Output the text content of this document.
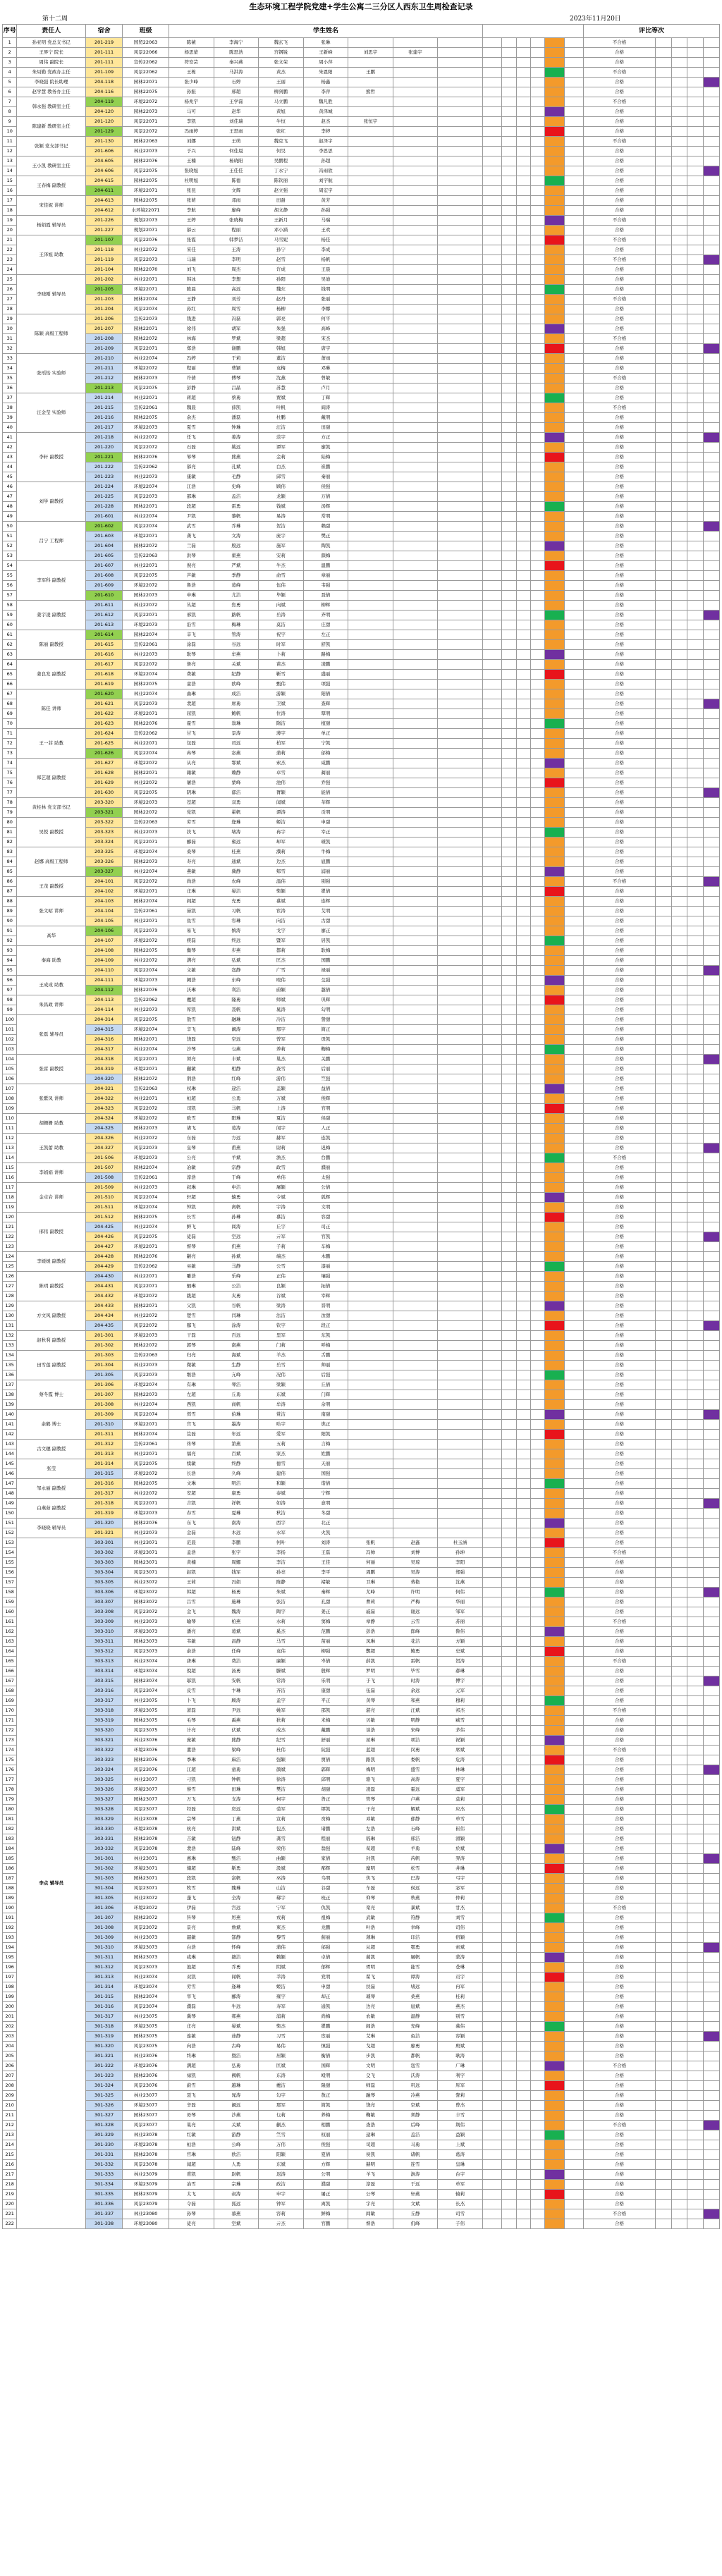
生态环境工程学院党建+学生公寓二三分区人西东卫生周检查记录
第十二周	2023年11月20日
序号	责任人	宿舍	班级	学生姓名													评比等次				
1	孙亚明 党总支书记	201-219	国贸22063	陈薇	李海宁	魏玄飞	张琳										不合格				
2	王界宁 院长	201-111	风景22066	杨思蒙	陈思浩	宫钢锐	王新峰	刘思宇	张建宇								合格				
3	周伟 副院长	201-111	宣传22062	符安芸	秦兴燕	张文荣	周小萍										合格				
4	朱局勤 党政办主任	201-109	风景22062	王栋	马洪涛	黄杰	朱恩阳	王鹏									不合格				
5	李晓强 院长助理	204-118	园林22071	张少峰	石婷	王丽	杨鑫										合格				
6	赵学慧 教务办主任	204-116	园林22075	孙振	邢超	柳剑鹏	李萍	熊哲									合格				
7	韩永强 教研室主任	204-119	环境22072	杨兆宇	王学磊	马立鹏	魏凡胜										不合格				
8		204-120	园林22073	马可	赵华	黄旭	黄泽城										合格				
9	陈建新 教研室主任	201-120	风景22071	李凯	刘佳瑞	牛恒	赵杰	张恒宇									合格				
10		201-129	风景22072	冯雨婷	王思雨	张红	李婷										合格				
11	张颖 党支部书记	201-130	园林22063	刘娜	王萌	魏克飞	赵泽宇										不合格				
12		201-606	林业22073	于兴	何佳晨	何昊	李思思										合格				
13	王小凯 教研室主任	204-605	园林22076	王楠	杨晓阳	吴鹏程	孙超										合格				
14		204-606	风景22075	张晓旭	王佳佳	丁永宁	冯雨欣										合格				
15	王春梅 副教授	204-615	园林22075	杜明旭	陈德	陈钦丽	刘宇航										合格				
16		204-611	环境22071	张昆	文辉	赵立强	周宏宇										合格				
17	宋佳妮 讲师	204-613	园林22075	张萌	邓雨	田甜	黄芳										合格				
18		204-612	水环境22071	李航	廖峰	胡文静	孙强										合格				
19	杨娟霞 辅导员	201-226	规划22073	王婷	张晓梅	王新月	马瑞										不合格				
20		201-227	规划22071	郝云	程丽	邓小涵	王欢										合格				
21	王泽旭 助教	201-107	风景22076	张霞	韩梦洁	马雪妮	杨佳										不合格				
22		201-118	林业22072	宋佳	王涛	孙宁	李成										合格				
23		201-119	风景22073	马瑞	李明	赵雪	杨帆										不合格				
24		201-104	园林22070	刘飞	周杰	许成	王晨										合格				
25	李晓刚 辅导员	201-202	林业22071	韩冰	李想	孙阳	吴迪										合格				
26		201-205	环境22071	陈晨	高远	魏东	钱明										合格				
27		201-203	园林22074	王静	刘芳	赵丹	张丽										不合格				
28		201-204	风景22074	孙红	周雪	杨柳	李娜										合格				
29	陈颖 高级工程师	201-206	宣传22073	钱进	冯磊	郭亮	何平										合格				
30		201-207	园林22071	徐伟	胡军	朱强	高峰										合格				
31		201-208	园林22072	林海	罗斌	梁超	宋杰										不合格				
32		201-209	风景22071	郑浩	谢鹏	韩旭	唐宇										合格				
33	张瑶怡 实验师	201-210	林业22074	冯婷	于莉	董洁	萧雨										合格				
34		201-211	环境22072	程丽	曹颖	袁梅	邓琳										合格				
35		201-212	园林22073	许倩	傅琴	沈燕	曾敏										不合格				
36		201-213	风景22075	彭静	吕晶	苏慧	卢月										合格				
37	汪金莹 实验师	201-214	林业22071	蒋超	蔡勇	贾斌	丁辉										合格				
38		201-215	宣传22061	魏晨	薛凯	叶帆	阎涛										不合格				
39		201-216	园林22075	余杰	潘磊	杜鹏	戴明										合格				
40		201-217	环境22073	夏雪	钟琳	汪洁	田甜										合格				
41	李轩 副教授	201-218	林业22072	任飞	姜涛	范宇	方正										合格				
42		201-220	风景22072	石磊	姚远	谭军	廖凯										合格				
43		201-221	园林22076	邹琴	熊燕	金莉	陆梅										合格				
44		201-222	宣传22062	郝亮	孔斌	白杰	崔鹏										合格				
45		201-223	林业22073	康敏	毛静	邱雪	秦丽										合格				
46	刘学 副教授	201-224	环境22074	江浩	史峰	顾伟	侯强										合格				
47		201-225	风景22073	邵琳	孟洁	龙颖	万倩										合格				
48		201-228	园林22071	段超	雷勇	钱斌	汤辉										合格				
49		201-601	林业22074	尹凯	黎帆	易涛	常明										合格				
50	吕宁 工程师	201-602	风景22074	武雪	乔琳	贺洁	赖甜										合格				
51		201-603	环境22071	龚飞	文涛	庞宇	樊正										合格				
52		201-604	园林22072	兰磊	殷远	施军	陶凯										合格				
53		201-605	宣传22063	洪琴	翟燕	安莉	颜梅										合格				
54	李军科 副教授	201-607	林业22071	倪亮	严斌	牛杰	温鹏										合格				
55		201-608	风景22075	芦敏	季静	俞雪	章丽										合格				
56		201-609	环境22072	鲁浩	葛峰	伍伟	韦强										合格				
57		201-610	园林22073	申琳	尤洁	毕颖	聂倩										合格				
58	姜宇凌 副教授	201-611	林业22072	丛超	焦勇	向斌	柳辉										合格				
59		201-612	风景22071	邢凯	路帆	岳涛	齐明										合格				
60		201-613	环境22073	沿雪	梅琳	莫洁	庄甜										合格				
61	陈丽 副教授	201-614	园林22074	辛飞	管涛	祝宇	左正										合格				
62		201-615	宣传22061	涂磊	谷远	时军	舒凯										合格				
63		201-616	林业22073	耿琴	牟燕	卜莉	路梅										合格				
64	姜良发 副教授	201-617	风景22072	詹亮	关斌	苗杰	凌鹏										合格				
65		201-618	环境22074	费敏	纪静	靳雪	盛丽										合格				
66		201-619	园林22075	童浩	欧峰	甄伟	项强										合格				
67	陈佳 讲师	201-620	林业22074	曲琳	成洁	游颖	阳倩										合格				
68		201-621	风景22073	裴超	席勇	卫斌	查辉										合格				
69		201-622	环境22071	屈凯	鲍帆	位涛	覃明										合格				
70		201-623	园林22076	霍雪	翁琳	隋洁	植甜										合格				
71	王一菲 助教	201-624	宣传22062	甘飞	景涛	薄宇	单正										合格				
72		201-625	林业22071	包磊	司远	柏军	宁凯										合格				
73		201-626	风景22074	冉琴	宓燕	蒲莉	邰梅										合格				
74	郑艺超 副教授	201-627	环境22072	从亮	鄂斌	索杰	咸鹏										合格				
75		201-628	园林22071	籍敏	赖静	卓雪	蔺丽										合格				
76		201-629	林业22072	屠浩	蒙峰	池伟	乔强										合格				
77		201-630	风景22075	阴琳	郁洁	胥颖	能倩										合格				
78	黄桂林 党支部书记	203-320	环境22073	苍超	双勇	闻斌	莘辉										合格				
79		203-321	园林22072	党凯	翟帆	谭涛	贡明										合格				
80	吴悦 副教授	203-322	宣传22063	劳雪	逄琳	姬洁	申甜										合格				
81		203-323	林业22073	扶飞	堵涛	冉宇	宰正										合格				
82		203-324	风景22071	郦磊	雍远	却军	璩凯										合格				
83	赵娜 高级工程师	203-325	环境22074	桑琴	桂燕	濮莉	牛梅										合格				
84		203-326	园林22073	寿亮	通斌	边杰	扈鹏										合格				
85		203-327	林业22074	燕敏	冀静	郏雪	浦丽										合格				
86	王茂 副教授	204-101	风景22072	尚浩	农峰	温伟	别强										不合格				
87		204-102	环境22071	庄琳	晏洁	柴颖	瞿倩										合格				
88	张文昭 讲师	204-103	园林22074	阎超	充勇	慕斌	连辉										合格				
89		204-104	宣传22061	茹凯	习帆	宦涛	艾明										合格				
90		204-105	林业22071	鱼雪	容琳	向洁	古甜										合格				
91	高华	204-106	风景22073	易飞	慎涛	戈宇	廖正										合格				
92		204-107	环境22072	庾磊	终远	暨军	居凯										合格				
93	秦海 助教	204-108	园林22075	衡琴	步燕	都莉	耿梅										合格				
94		204-109	林业22072	满亮	弘斌	匡杰	国鹏										合格				
95		204-110	风景22074	文敏	寇静	广雪	禄丽										合格				
96	王成成 助教	204-111	环境22073	阙浩	东峰	殴伟	殳强										合格				
97		204-112	园林22076	沃琳	利洁	蔚颖	越倩										合格				
98	朱昌政 讲师	204-113	宣传22062	夔超	隆勇	师斌	巩辉										合格				
99		204-114	林业22073	厍凯	聂帆	晁涛	勾明										合格				
100	张磊 辅导员	204-314	风景22075	敖雪	融琳	冷洁	訾甜										合格				
101		204-315	环境22074	辛飞	阚涛	那宇	简正										合格				
102		204-316	园林22071	饶磊	空远	曾军	毋凯										合格				
103		204-317	林业22074	沙琴	乜燕	养莉	鞠梅										合格				
104	张雷 副教授	204-318	风景22071	须亮	丰斌	巢杰	关鹏										合格				
105		204-319	环境22071	蒯敏	相静	查雪	后丽										合格				
106		204-320	园林22072	荆浩	红峰	游伟	竺强										合格				
107	张紫凤 讲师	204-321	宣传22063	权琳	逯洁	盖颖	益倩										合格				
108		204-322	林业22071	桓超	公勇	万斌	俟辉										合格				
109		204-323	风景22072	司凯	马帆	上涛	官明										合格				
110	胡姗姗 助教	204-324	环境22072	欧雪	阳琳	夏洁	侯甜										合格				
111		204-325	园林22073	诸飞	葛涛	闻宇	人正										合格				
112	王凯蕾 助教	204-326	林业22072	东磊	方远	赫军	连凯										合格				
113		204-327	风景22073	皇琴	甫燕	尉莉	迟梅										合格				
114		201-506	环境22073	公亮	羊斌	澹杰	台鹏										不合格				
115	李娟娟 讲师	201-507	园林22074	冶敏	宗静	政雪	濮丽										合格				
116		201-508	宣传22061	淳浩	于峰	单伟	太强										合格				
117	金卓岩 讲师	201-509	林业22073	叔琳	申洁	屠颖	公倩										合格				
118		201-510	风景22074	轩超	辕勇	令斌	狐辉										合格				
119		201-511	环境22074	钟凯	离帆	宇涛	文明										合格				
120	邢伟 副教授	201-512	园林22075	长雪	孙琳	慕洁	容甜										合格				
121		204-425	林业22074	鲜飞	闾涛	丘宇	司正										合格				
122		204-426	风景22075	徒磊	空远	亓军	官凯										合格				
123		204-427	环境22071	督琴	仉燕	子莉	车梅										合格				
124	李媛媛 副教授	204-428	园林22076	颛亮	孙斌	端杰	木鹏										合格				
125		204-429	宣传22062	巫敏	马静	公雪	漆丽										合格				
126	陈玥 副教授	204-430	林业22071	雕浩	乐峰	正伟	壤强										合格				
127		204-431	风景22071	驷琳	公洁	良颖	拓倩										合格				
128		204-432	环境22072	跋超	夹勇	谷斌	宰辉										合格				
129	方文风 副教授	204-433	园林22071	父凯	谷帆	梁涛	晋明										合格				
130		204-434	林业22072	楚雪	闫琳	法洁	汝甜										合格				
131		204-435	风景22072	鄢飞	涂涛	钦宇	段正										合格				
132	赵秋利 副教授	201-301	环境22073	干磊	百远	里军	东凯										合格				
133		201-302	园林22072	郭琴	南燕	门莉	呼梅										合格				
134	田雪莲 副教授	201-303	宣传22063	归亮	海斌	羊杰	舌鹏										合格				
135		201-304	林业22073	微敏	生静	岳雪	帅丽										合格				
136		201-305	风景22073	缑浩	亢峰	况伟	后强										合格				
137	蔡冬霞 博士	201-306	环境22074	有琳	琴洁	梁颖	丘倩										合格				
138		201-307	园林22073	左超	丘勇	东斌	门辉										合格				
139		201-308	林业22074	西凯	商帆	牟涛	佘明										合格				
140	余鹤 博士	201-309	风景22074	佴雪	伯琳	赏洁	南甜										合格				
141		201-310	环境22071	宫飞	墨涛	哈宇	谯正										合格				
142		201-311	园林22074	笪磊	年远	爱军	阳凯										合格				
143	古文穗 副教授	201-312	宣传22061	佟琴	第燕	五莉	言梅										合格				
144		201-313	林业22071	福亮	百斌	家杰	姓鹏										合格				
145	张莹	201-314	风景22075	续敏	终静	德雪	天丽										合格				
146		201-315	环境22072	长浩	久峰	建伟	国强										合格				
147	邹永丽 副教授	201-316	园林22075	文琳	明洁	和颖	谐倩										合格				
148		201-317	林业22072	安超	康勇	泰斌	宁辉										合格				
149	白燕茹 副教授	201-318	风景22071	吉凯	祥帆	如涛	意明										合格				
150		201-319	环境22073	春雪	夏琳	秋洁	冬甜										合格				
151	李晓晓 辅导员	201-320	园林22076	东飞	南涛	西宇	北正										合格				
152		201-321	林业22073	金磊	木远	水军	火凯										合格				
153	李点 辅导员	303-301	林业23071	范晨	李鹏	何叶	刘涛	张帆	赵鑫	杜玉涵							合格				
154		303-302	环境23071	孟浩	张宇	李扬	王磊	冯帅	刘博	孙坤							不合格				
155		303-303	园林23071	黄楠	周娜	李洁	王佳	何丽	吴琼	李阳							合格				
156		303-304	风景23071	赵凯	钱军	孙亮	李平	周鹏	吴涛	郑强							合格				
157		303-305	林业23072	王莉	冯娟	陈静	褚敏	卫琳	蒋艳	沈燕							合格				
158		303-306	环境23072	韩超	杨勇	朱斌	秦辉	尤峰	许明	何伟							合格				
159		303-307	园林23072	吕雪	施琳	张洁	孔甜	曹莉	严梅	华丽							合格				
160		303-308	风景23072	金飞	魏涛	陶宇	姜正	戚磊	谢远	邹军							合格				
161		303-309	林业23073	喻琴	柏燕	水莉	窦梅	章静	云雪	苏丽							不合格				
162		303-310	环境23073	潘亮	葛斌	奚杰	范鹏	彭浩	郎峰	鲁伟							合格				
163		303-311	园林23073	韦敏	昌静	马雪	苗丽	凤琳	花洁	方颖							合格				
164		303-312	风景23073	俞浩	任峰	袁伟	柳强	酆超	鲍勇	史斌							合格				
165		303-313	林业23074	唐琳	费洁	廉颖	岑倩	薛凯	雷帆	贺涛							不合格				
166		303-314	环境23074	倪超	汤勇	滕斌	殷辉	罗明	毕雪	郝琳							合格				
167		303-315	园林23074	邬凯	安帆	常涛	乐明	于飞	时涛	傅宇							合格				
168		303-316	风景23074	皮雪	卞琳	齐洁	康甜	伍磊	余远	元军							合格				
169		303-317	林业23075	卜飞	顾涛	孟宇	平正	黄琴	和燕	穆莉							合格				
170		303-318	环境23075	萧磊	尹远	姚军	邵凯	湛亮	汪斌	祁杰							不合格				
171		303-319	园林23075	毛琴	禹燕	狄莉	米梅	贝敏	明静	臧雪							合格				
172		303-320	风景23075	计亮	伏斌	成杰	戴鹏	谈浩	宋峰	茅伟							合格				
173		303-321	林业23076	庞敏	熊静	纪雪	舒丽	屈琳	项洁	祝颖							合格				
174		303-322	环境23076	董浩	梁峰	杜伟	阮强	蓝超	闵勇	席斌							不合格				
175		303-323	园林23076	季琳	麻洁	强颖	贾倩	路凯	娄帆	危涛							合格				
176		303-324	风景23076	江超	童勇	颜斌	郭辉	梅明	盛雪	林琳							合格				
177		303-325	林业23077	刁凯	钟帆	徐涛	邱明	骆飞	高涛	夏宇							合格				
178		303-326	环境23077	蔡雪	田琳	樊洁	胡甜	凌磊	霍远	虞军							合格				
179		303-327	园林23077	万飞	支涛	柯宇	昝正	管琴	卢燕	莫莉							合格				
180		303-328	风景23077	经磊	房远	裘军	缪凯	干亮	解斌	应杰							合格				
181		303-329	林业23078	宗琴	丁燕	宣莉	贲梅	邓敏	郁静	单雪							合格				
182		303-330	环境23078	杭亮	洪斌	包杰	诸鹏	左浩	石峰	崔伟							合格				
183		303-331	园林23078	吉敏	钮静	龚雪	程丽	嵇琳	邢洁	滑颖							合格				
184		303-332	风景23078	裴浩	陆峰	荣伟	翁强	荀超	羊勇	於斌							合格				
185		301-301	林业23071	惠琳	甄洁	曲颖	家倩	封凯	芮帆	羿涛							合格				
186		301-302	环境23071	储超	靳勇	汲斌	邴辉	糜明	松雪	井琳							合格				
187		301-303	园林23071	段凯	富帆	巫涛	乌明	焦飞	巴涛	弓宇							合格				
188		301-304	风景23071	牧雪	隗琳	山洁	谷甜	车磊	侯远	宓军							合格				
189		301-305	林业23072	蓬飞	全涛	郗宇	班正	仰琴	秋燕	仲莉							合格				
190		301-306	环境23072	伊磊	宫远	宁军	仇凯	栾亮	暴斌	甘杰							不合格				
191		301-307	园林23072	钭琴	厉燕	戎莉	祖梅	武敏	符静	刘雪							合格				
192		301-308	风景23072	景亮	詹斌	束杰	龙鹏	叶浩	幸峰	司伟							合格				
193		301-309	林业23073	韶敏	郜静	黎雪	蓟丽	薄琳	印洁	宿颖							合格				
194		301-310	环境23073	白浩	怀峰	蒲伟	邰强	从超	鄂勇	索斌							合格				
195		301-311	园林23073	咸琳	籍洁	赖颖	卓倩	蔺凯	屠帆	蒙涛							合格				
196		301-312	风景23073	池超	乔勇	阴斌	郁辉	胥明	能雪	苍琳							合格				
197		301-313	林业23074	双凯	闻帆	莘涛	党明	翟飞	谭涛	贡宇							合格				
198		301-314	环境23074	劳雪	逄琳	姬洁	申甜	扶磊	堵远	冉军							合格				
199		301-315	园林23074	宰飞	郦涛	雍宇	却正	璩琴	桑燕	桂莉							合格				
200		301-316	风景23074	濮磊	牛远	寿军	通凯	边亮	扈斌	燕杰							合格				
201		301-317	林业23075	冀琴	郏燕	浦莉	尚梅	农敏	温静	别雪							合格				
202		301-318	环境23075	庄亮	晏斌	柴杰	瞿鹏	阎浩	充峰	慕伟							合格				
203		301-319	园林23075	连敏	茹静	习雪	宦丽	艾琳	鱼洁	容颖							合格				
204		301-320	风景23075	向浩	古峰	易伟	慎强	戈超	廖勇	庾斌							合格				
205		301-321	林业23076	终琳	暨洁	居颖	衡倩	步凯	都帆	耿涛							合格				
206		301-322	环境23076	满超	弘勇	匡斌	国辉	文明	寇雪	广琳							不合格				
207		301-323	园林23076	禄凯	阙帆	东涛	殴明	殳飞	沃涛	利宇							合格				
208		301-324	风景23076	蔚雪	越琳	夔洁	隆甜	师磊	巩远	厍军							合格				
209		301-325	林业23077	聂飞	晁涛	勾宇	敖正	融琴	冷燕	訾莉							合格				
210		301-326	环境23077	辛磊	阚远	那军	简凯	饶亮	空斌	曾杰							合格				
211		301-327	园林23077	毋琴	沙燕	乜莉	养梅	鞠敏	须静	丰雪							合格				
212		301-328	风景23077	巢亮	关斌	蒯杰	相鹏	查浩	后峰	荆伟							不合格				
213		301-329	林业23078	红敏	游静	竺雪	权丽	逯琳	盖洁	益颖							合格				
214		301-330	环境23078	桓浩	公峰	万伟	俟强	司超	马勇	上斌							合格				
215		301-331	园林23078	官琳	欧洁	阳颖	夏倩	侯凯	诸帆	葛涛							合格				
216		301-332	风景23078	闻超	人勇	东斌	方辉	赫明	连雪	皇琳							合格				
217		301-333	林业23079	甫凯	尉帆	迟涛	公明	羊飞	澹涛	台宇							合格				
218		301-334	环境23079	冶雪	宗琳	政洁	濮甜	淳磊	于远	单军							合格				
219		301-335	园林23079	太飞	叔涛	申宇	屠正	公琴	轩燕	辕莉							合格				
220		301-336	风景23079	令磊	狐远	钟军	离凯	宇亮	文斌	长杰							合格				
221		301-337	林业23080	孙琴	慕燕	容莉	鲜梅	闾敏	丘静	司雪							不合格				
222		301-338	环境23080	徒亮	空斌	亓杰	官鹏	督浩	仉峰	子伟							合格				
